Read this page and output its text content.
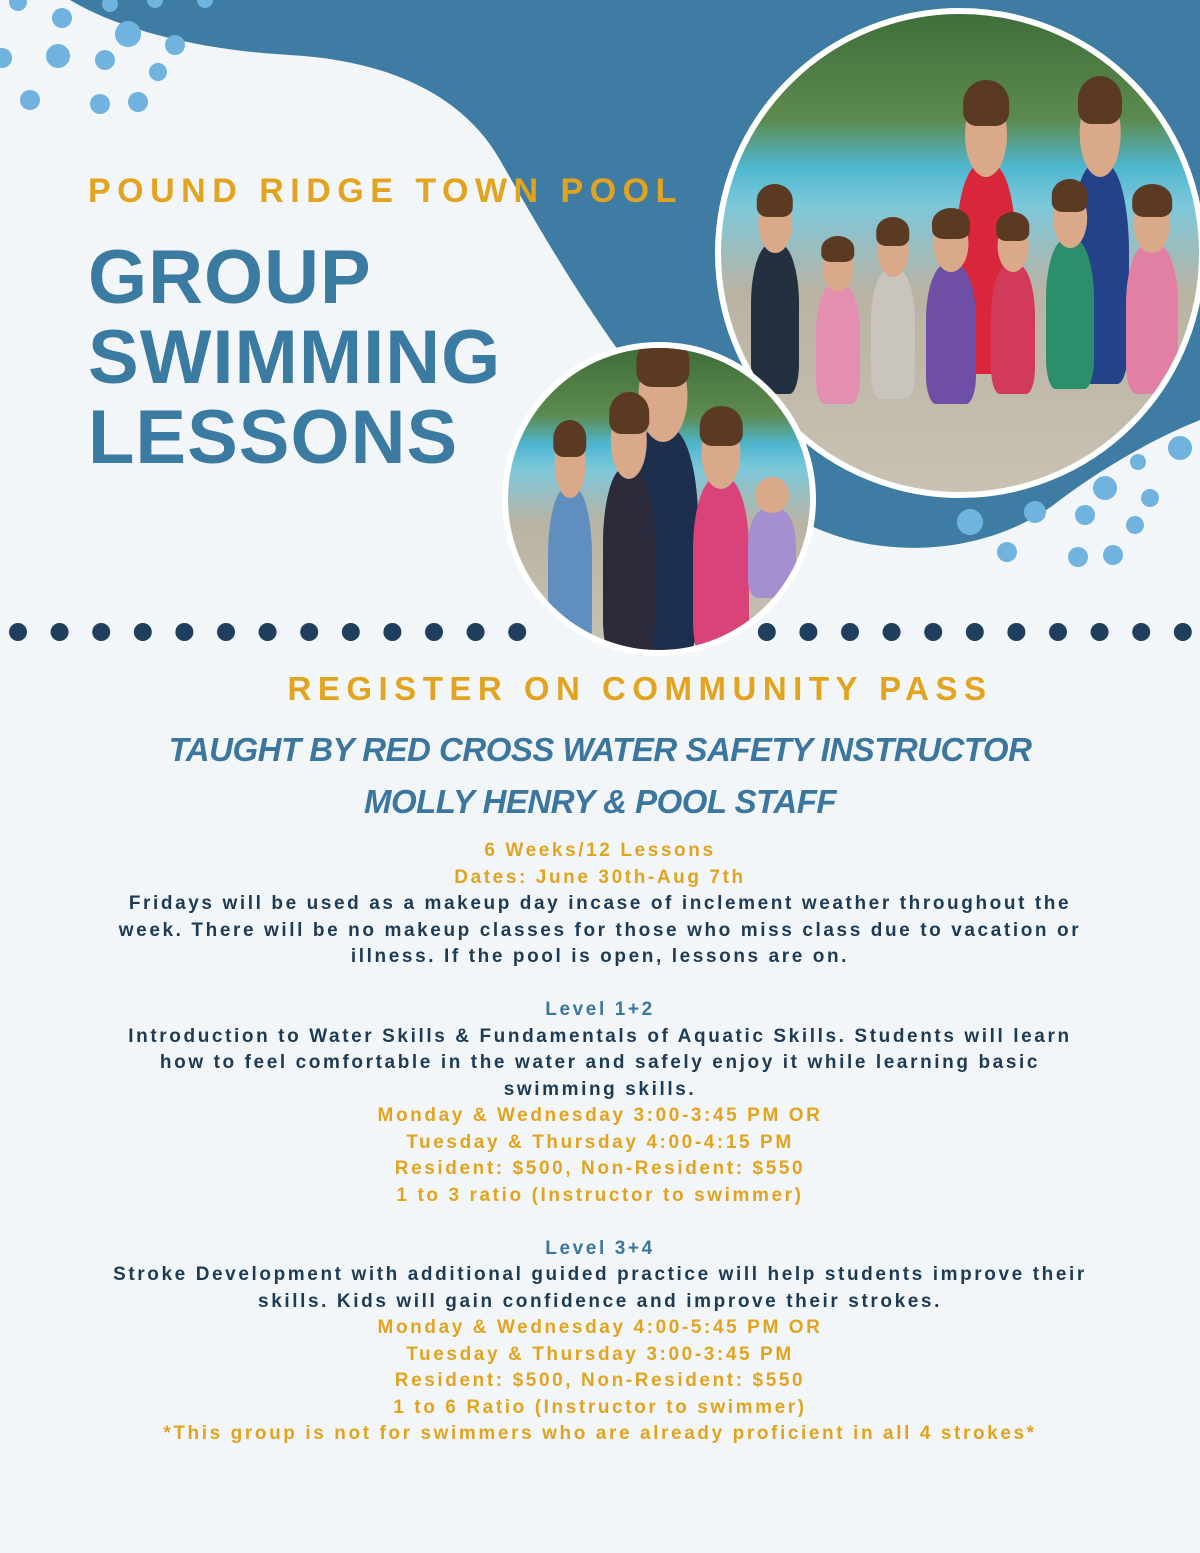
POUND RIDGE TOWN POOL
GROUP
SWIMMING
LESSONS
REGISTER ON COMMUNITY PASS
TAUGHT BY RED CROSS WATER SAFETY INSTRUCTOR
MOLLY HENRY & POOL STAFF
6 Weeks/12 Lessons
Dates: June 30th-Aug 7th
Fridays will be used as a makeup day incase of inclement weather throughout the
week. There will be no makeup classes for those who miss class due to vacation or
illness. If the pool is open, lessons are on.
Level 1+2
Introduction to Water Skills & Fundamentals of Aquatic Skills. Students will learn
how to feel comfortable in the water and safely enjoy it while learning basic
swimming skills.
Monday & Wednesday 3:00-3:45 PM OR
Tuesday & Thursday 4:00-4:15 PM
Resident: $500, Non-Resident: $550
1 to 3 ratio (Instructor to swimmer)
Level 3+4
Stroke Development with additional guided practice will help students improve their
skills. Kids will gain confidence and improve their strokes.
Monday & Wednesday 4:00-5:45 PM OR
Tuesday & Thursday 3:00-3:45 PM
Resident: $500, Non-Resident: $550
1 to 6 Ratio (Instructor to swimmer)
*This group is not for swimmers who are already proficient in all 4 strokes*
